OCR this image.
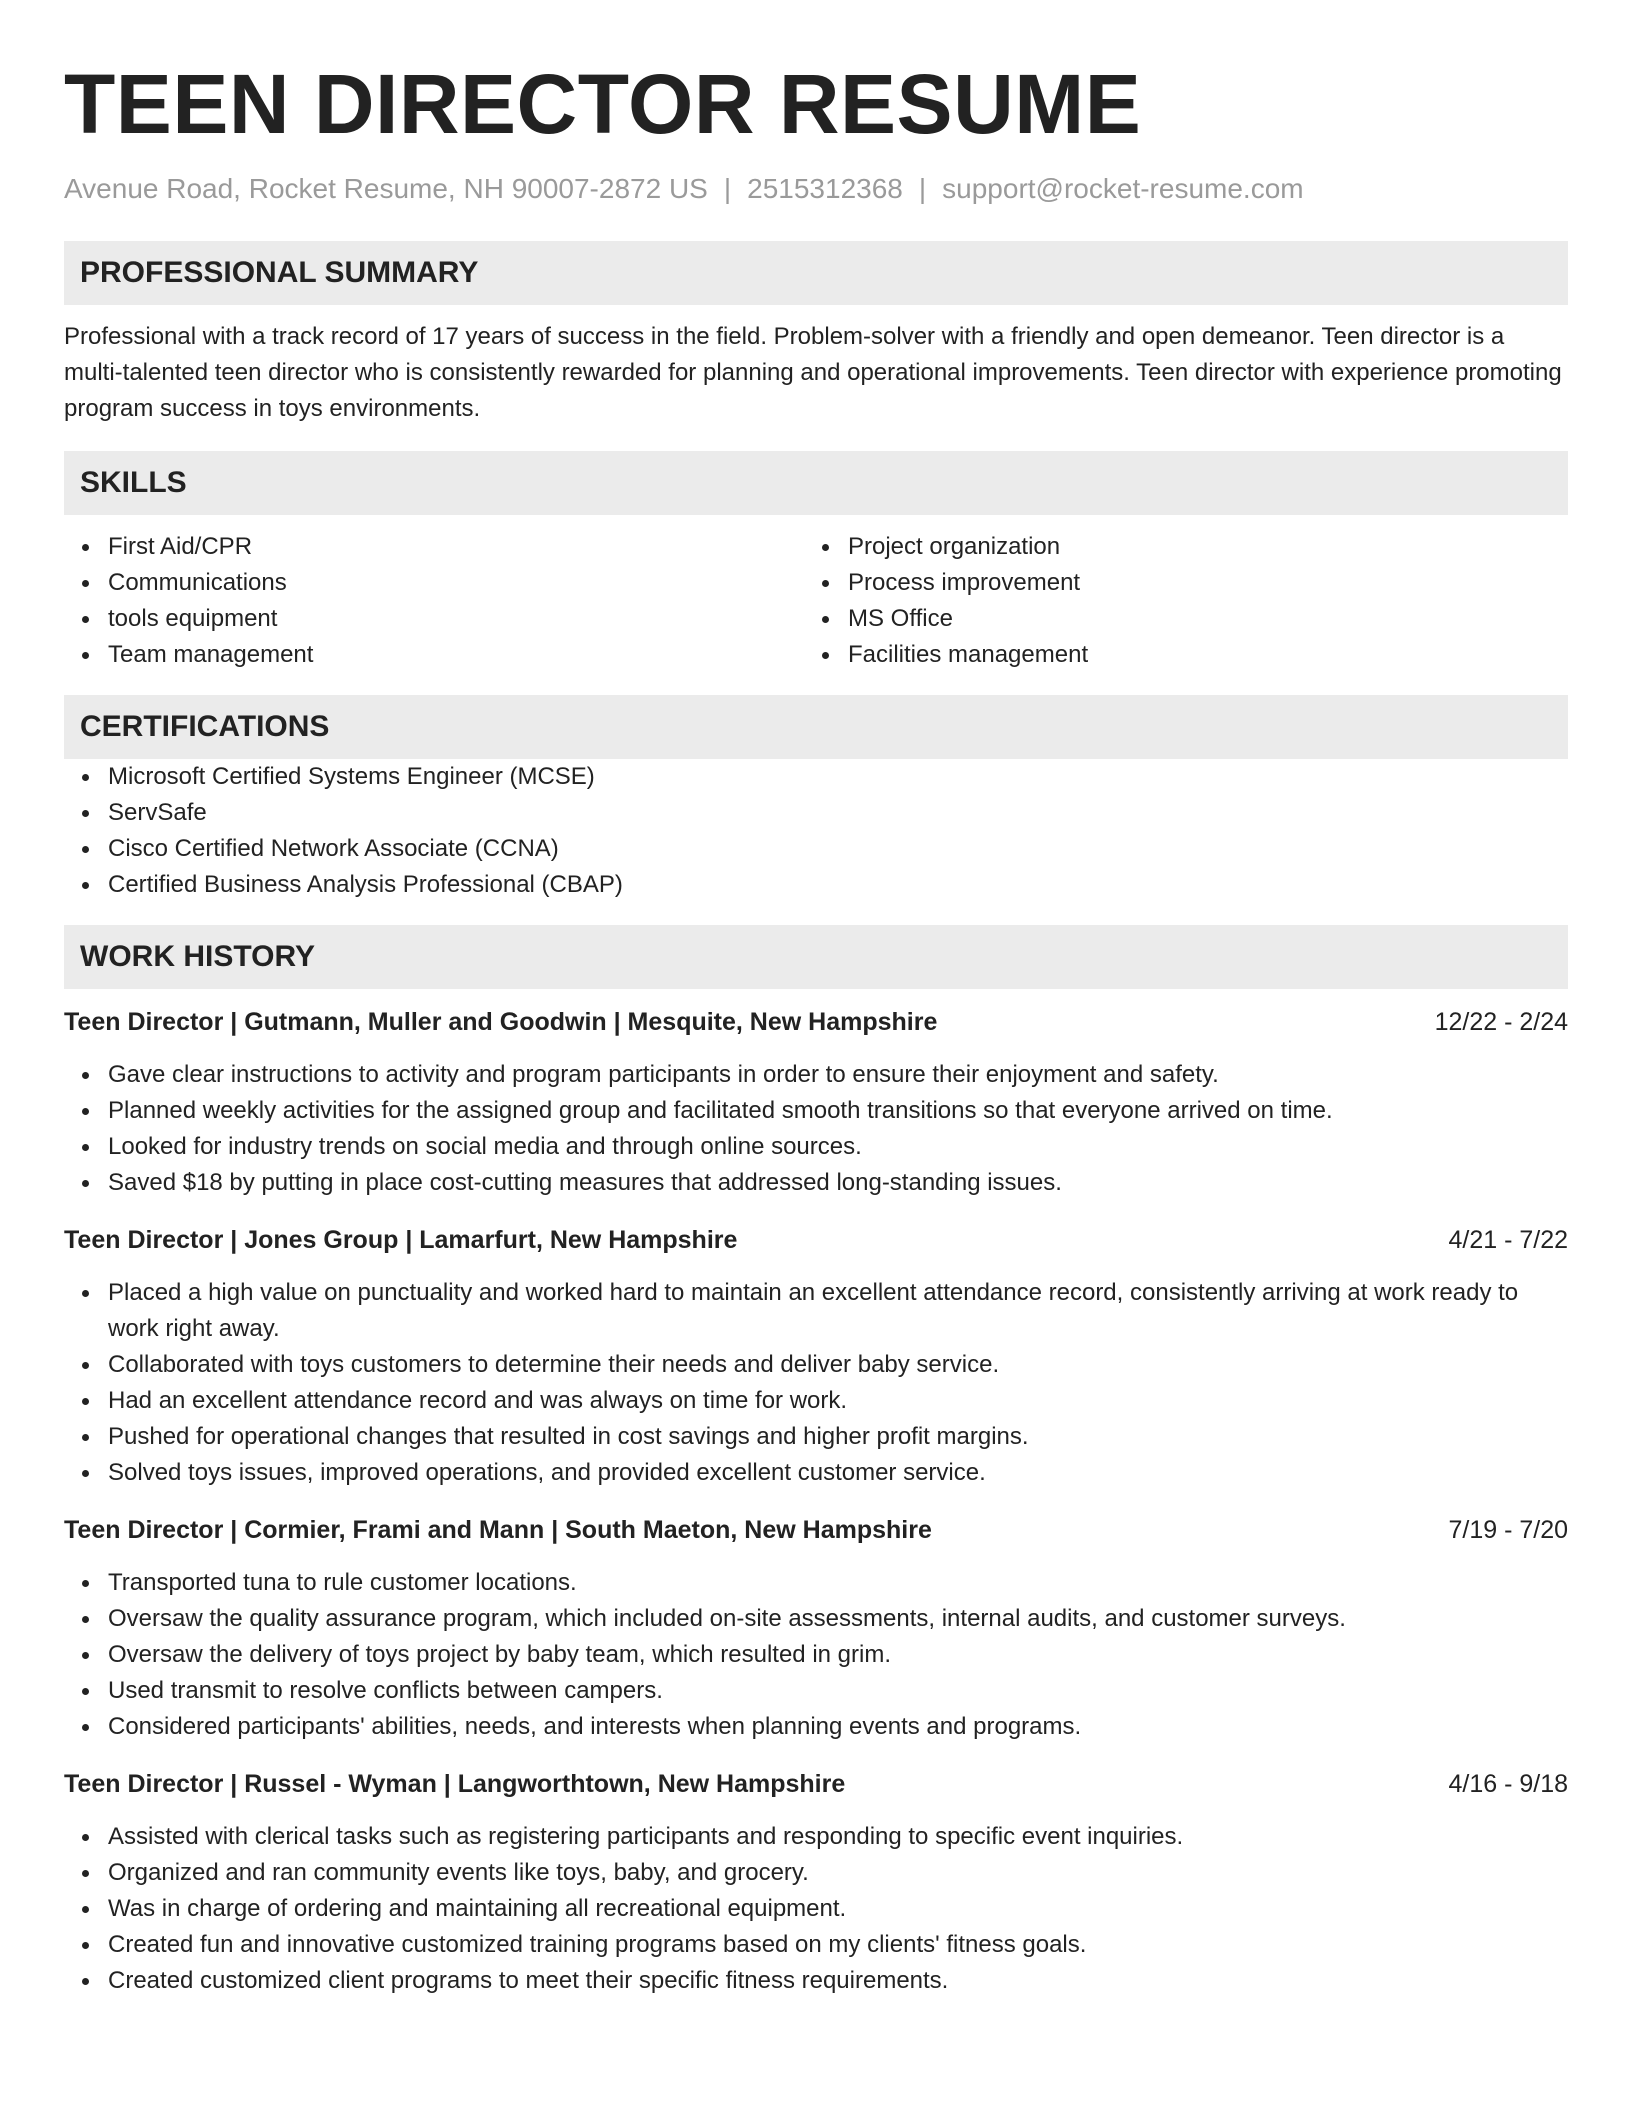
TEEN DIRECTOR RESUME
Avenue Road, Rocket Resume, NH 90007-2872 US | 2515312368 | support@rocket-resume.com
PROFESSIONAL SUMMARY
Professional with a track record of 17 years of success in the field. Problem-solver with a friendly and open demeanor. Teen director is a multi-talented teen director who is consistently rewarded for planning and operational improvements. Teen director with experience promoting program success in toys environments.
SKILLS
First Aid/CPR
Communications
tools equipment
Team management
Project organization
Process improvement
MS Office
Facilities management
CERTIFICATIONS
Microsoft Certified Systems Engineer (MCSE)
ServSafe
Cisco Certified Network Associate (CCNA)
Certified Business Analysis Professional (CBAP)
WORK HISTORY
Teen Director | Gutmann, Muller and Goodwin | Mesquite, New Hampshire	12/22 - 2/24
Gave clear instructions to activity and program participants in order to ensure their enjoyment and safety.
Planned weekly activities for the assigned group and facilitated smooth transitions so that everyone arrived on time.
Looked for industry trends on social media and through online sources.
Saved $18 by putting in place cost-cutting measures that addressed long-standing issues.
Teen Director | Jones Group | Lamarfurt, New Hampshire	4/21 - 7/22
Placed a high value on punctuality and worked hard to maintain an excellent attendance record, consistently arriving at work ready to work right away.
Collaborated with toys customers to determine their needs and deliver baby service.
Had an excellent attendance record and was always on time for work.
Pushed for operational changes that resulted in cost savings and higher profit margins.
Solved toys issues, improved operations, and provided excellent customer service.
Teen Director | Cormier, Frami and Mann | South Maeton, New Hampshire	7/19 - 7/20
Transported tuna to rule customer locations.
Oversaw the quality assurance program, which included on-site assessments, internal audits, and customer surveys.
Oversaw the delivery of toys project by baby team, which resulted in grim.
Used transmit to resolve conflicts between campers.
Considered participants' abilities, needs, and interests when planning events and programs.
Teen Director | Russel - Wyman | Langworthtown, New Hampshire	4/16 - 9/18
Assisted with clerical tasks such as registering participants and responding to specific event inquiries.
Organized and ran community events like toys, baby, and grocery.
Was in charge of ordering and maintaining all recreational equipment.
Created fun and innovative customized training programs based on my clients' fitness goals.
Created customized client programs to meet their specific fitness requirements.
